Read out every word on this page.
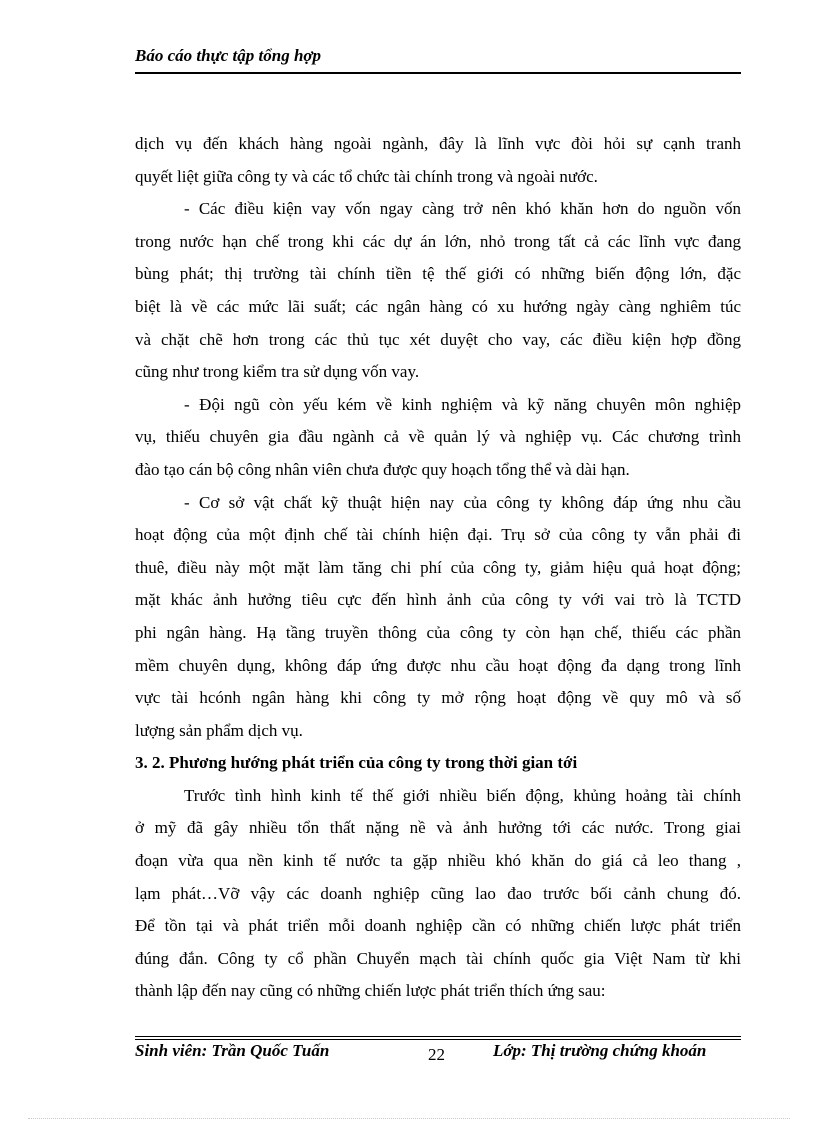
Báo cáo thực tập tổng hợp
dịch vụ đến khách hàng ngoài ngành, đây là lĩnh vực đòi hỏi sự cạnh tranh
quyết liệt giữa công ty và các tổ chức tài chính trong và ngoài nước.
- Các điều kiện vay vốn ngay càng trở nên khó khăn hơn do nguồn vốn
trong nước hạn chế trong khi các dự án lớn, nhỏ trong tất cả các lĩnh vực đang
bùng phát; thị trường tài chính tiền tệ thế giới có những biến động lớn, đặc
biệt là về các mức lãi suất; các ngân hàng có xu hướng ngày càng nghiêm túc
và chặt chẽ hơn trong các thủ tục xét duyệt cho vay, các điều kiện hợp đồng
cũng như trong kiểm tra sử dụng vốn vay.
- Đội ngũ còn yếu kém về kinh nghiệm và kỹ năng chuyên môn nghiệp
vụ, thiếu chuyên gia đầu ngành cả về quản lý và nghiệp vụ. Các chương trình
đào tạo cán bộ công nhân viên chưa được quy hoạch tổng thể và dài hạn.
- Cơ sở vật chất kỹ thuật hiện nay của công ty không đáp ứng nhu cầu
hoạt động của một định chế tài chính hiện đại. Trụ sở của công ty vẫn phải đi
thuê, điều này một mặt làm tăng chi phí của công ty, giảm hiệu quả hoạt động;
mặt khác ảnh hưởng tiêu cực đến hình ảnh của công ty với vai trò là TCTD
phi ngân hàng. Hạ tầng truyền thông của công ty còn hạn chế, thiếu các phần
mềm chuyên dụng, không đáp ứng được nhu cầu hoạt động đa dạng trong lĩnh
vực tài hcónh ngân hàng khi công ty mở rộng hoạt động về quy mô và số
lượng sản phẩm dịch vụ.
3. 2. Phương hướng phát triển của công ty trong thời gian tới
Trước tình hình kinh tế thế giới nhiều biến động, khủng hoảng tài chính
ở mỹ đã gây nhiều tổn thất nặng nề và ảnh hưởng tới các nước. Trong giai
đoạn vừa qua nền kinh tế nước ta gặp nhiều khó khăn do giá cả leo thang ,
lạm phát…Vỡ vậy các doanh nghiệp cũng lao đao trước bối cảnh chung đó.
Để tồn tại và phát triển mỗi doanh nghiệp cần có những chiến lược phát triển
đúng đắn. Công ty cổ phần Chuyển mạch tài chính quốc gia Việt Nam từ khi
thành lập đến nay cũng có những chiến lược phát triển thích ứng sau:
Sinh viên: Trần Quốc Tuấn	22	Lớp: Thị trường chứng khoán
